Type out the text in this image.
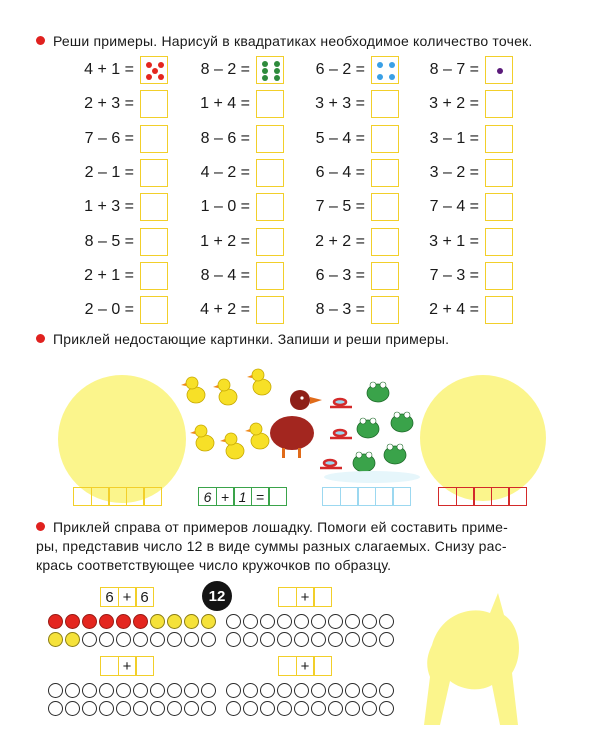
Реши примеры. Нарисуй в квадратиках необходимое количество точек.
4 + 1 =
2 + 3 =
7 – 6 =
2 – 1 =
1 + 3 =
8 – 5 =
2 + 1 =
2 – 0 =
8 – 2 =
1 + 4 =
8 – 6 =
4 – 2 =
1 – 0 =
1 + 2 =
8 – 4 =
4 + 2 =
6 – 2 =
3 + 3 =
5 – 4 =
6 – 4 =
7 – 5 =
2 + 2 =
6 – 3 =
8 – 3 =
8 – 7 =
3 + 2 =
3 – 1 =
3 – 2 =
7 – 4 =
3 + 1 =
7 – 3 =
2 + 4 =
Приклей недостающие картинки. Запиши и реши примеры.
6 + 1 =
Приклей справа от примеров лошадку. Помоги ей составить приме-
ры, представив число 12 в виде суммы разных слагаемых. Снизу рас-
крась соответствующее число кружочков по образцу.
12
6 + 6	+
+	+
